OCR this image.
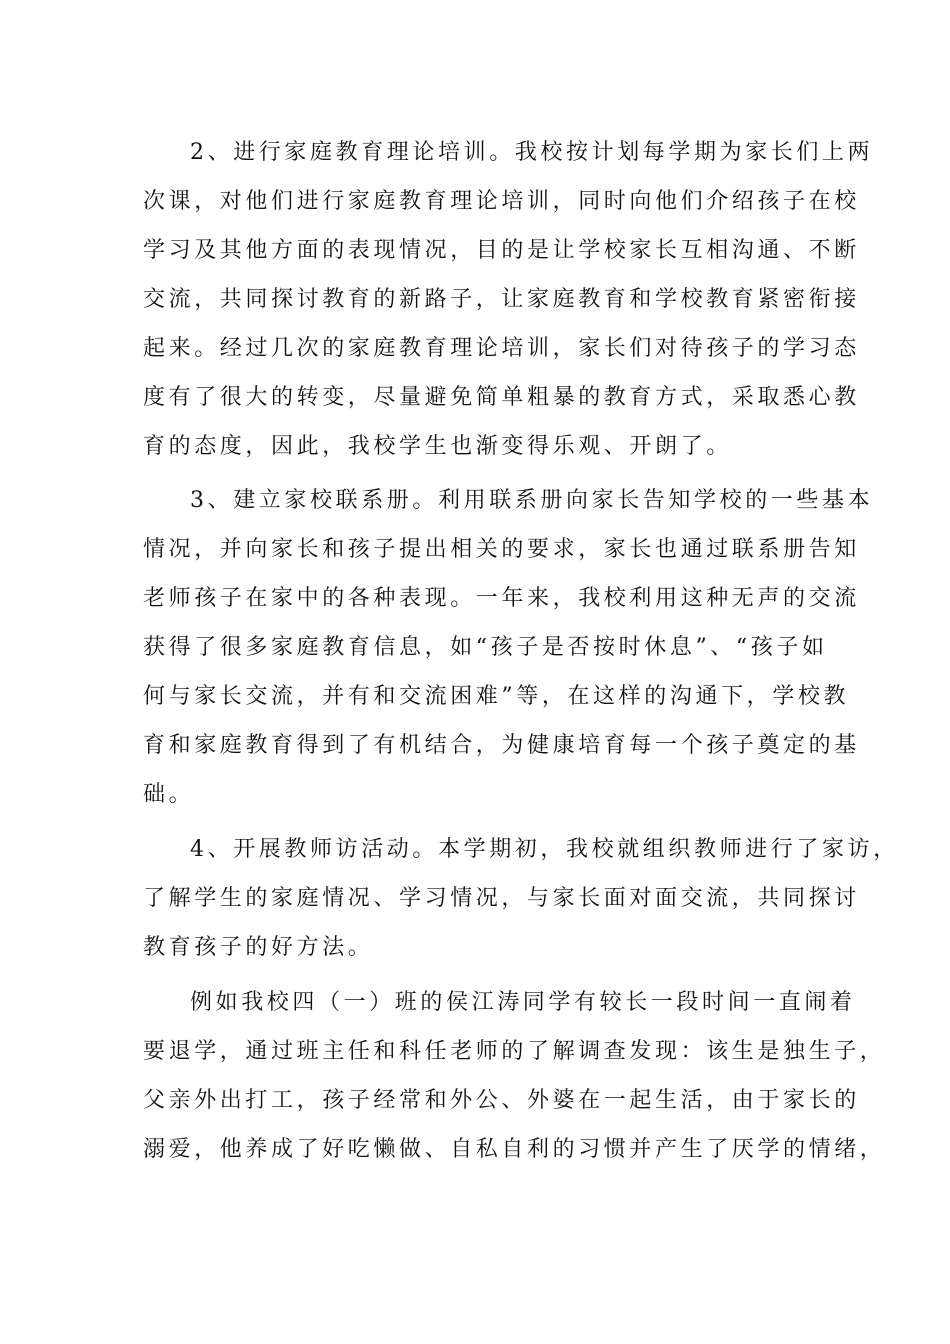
2、进行家庭教育理论培训。我校按计划每学期为家长们上两
次课，对他们进行家庭教育理论培训，同时向他们介绍孩子在校
学习及其他方面的表现情况，目的是让学校家长互相沟通、不断
交流，共同探讨教育的新路子，让家庭教育和学校教育紧密衔接
起来。经过几次的家庭教育理论培训，家长们对待孩子的学习态
度有了很大的转变，尽量避免简单粗暴的教育方式，采取悉心教
育的态度，因此，我校学生也渐变得乐观、开朗了。
3、建立家校联系册。利用联系册向家长告知学校的一些基本
情况，并向家长和孩子提出相关的要求，家长也通过联系册告知
老师孩子在家中的各种表现。一年来，我校利用这种无声的交流
获得了很多家庭教育信息，如“孩子是否按时休息”、“孩子如
何与家长交流，并有和交流困难”等，在这样的沟通下，学校教
育和家庭教育得到了有机结合，为健康培育每一个孩子奠定的基
础。
4、开展教师访活动。本学期初，我校就组织教师进行了家访，
了解学生的家庭情况、学习情况，与家长面对面交流，共同探讨
教育孩子的好方法。
例如我校四（一）班的侯江涛同学有较长一段时间一直闹着
要退学，通过班主任和科任老师的了解调查发现：该生是独生子，
父亲外出打工，孩子经常和外公、外婆在一起生活，由于家长的
溺爱，他养成了好吃懒做、自私自利的习惯并产生了厌学的情绪，
